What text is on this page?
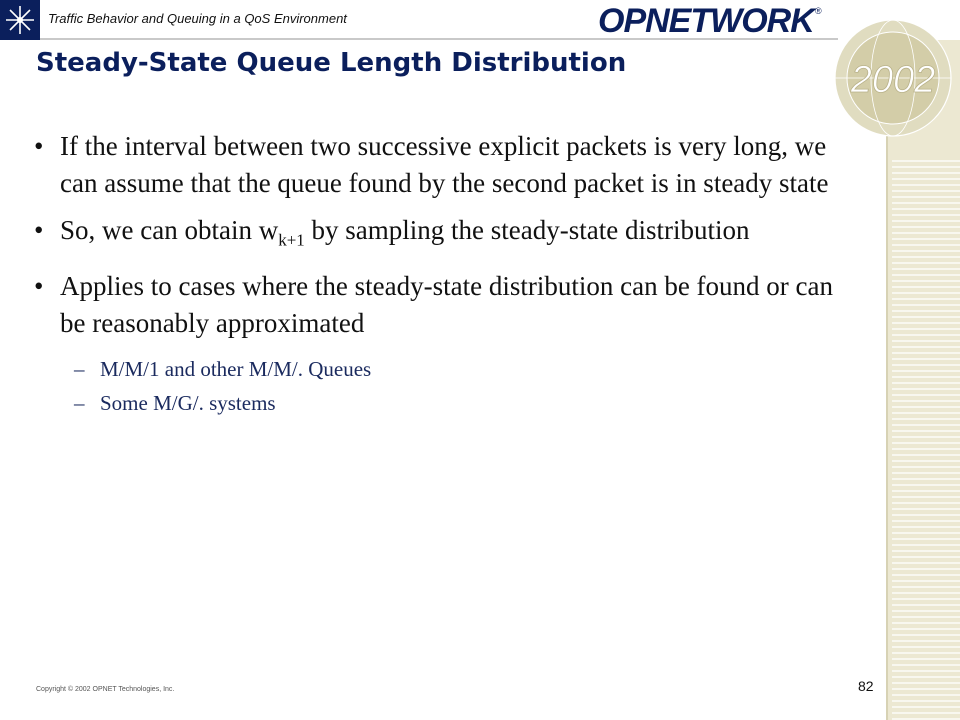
Traffic Behavior and Queuing in a QoS Environment	OPNETWORK ®
2002
Steady-State Queue Length Distribution
• If the interval between two successive explicit packets is very long, we can assume that the queue found by the second packet is in steady state
• So, we can obtain $w_{k+1}$ by sampling the steady-state distribution
• Applies to cases where the steady-state distribution can be found or can be reasonably approximated
– M/M/1 and other M/M/. Queues
– Some M/G/. systems
Copyright © 2002 OPNET Technologies, Inc.	82
